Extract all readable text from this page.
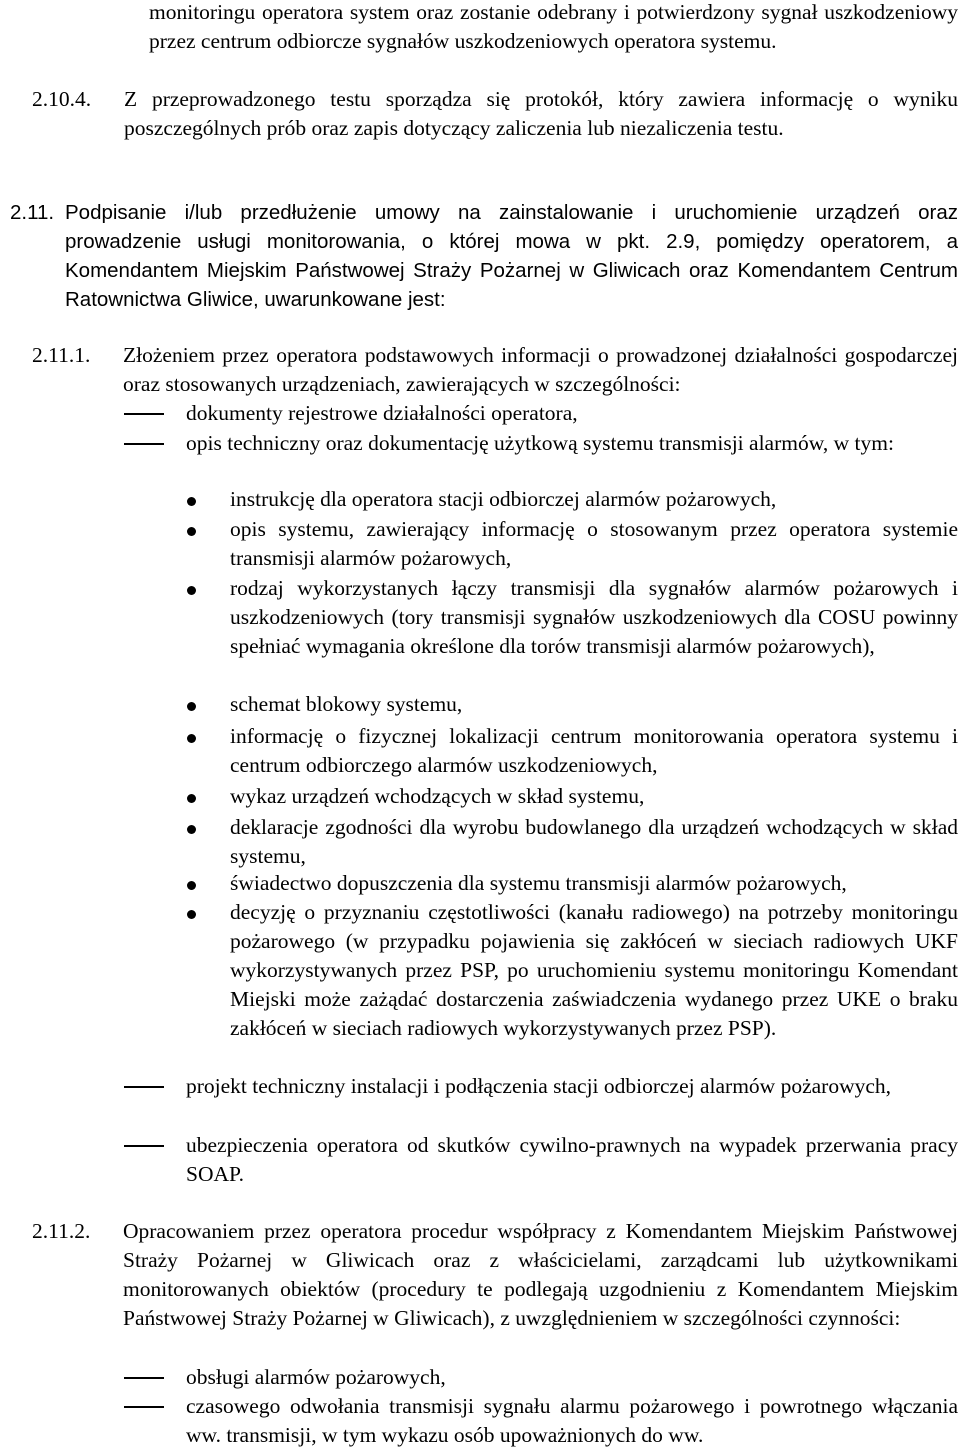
monitoringu operatora system oraz zostanie odebrany i potwierdzony sygnał uszkodzeniowy przez centrum odbiorcze sygnałów uszkodzeniowych operatora systemu.

2.10.4. Z przeprowadzonego testu sporządza się protokół, który zawiera informację o wyniku poszczególnych prób oraz zapis dotyczący zaliczenia lub niezaliczenia testu.

2.11. Podpisanie i/lub przedłużenie umowy na zainstalowanie i uruchomienie urządzeń oraz prowadzenie usługi monitorowania, o której mowa w pkt. 2.9, pomiędzy operatorem, a Komendantem Miejskim Państwowej Straży Pożarnej w Gliwicach oraz Komendantem Centrum Ratownictwa Gliwice, uwarunkowane jest:

2.11.1. Złożeniem przez operatora podstawowych informacji o prowadzonej działalności gospodarczej oraz stosowanych urządzeniach, zawierających w szczególności:

dokumenty rejestrowe działalności operatora,

opis techniczny oraz dokumentację użytkową systemu transmisji alarmów, w tym:

instrukcję dla operatora stacji odbiorczej alarmów pożarowych,

opis systemu, zawierający informację o stosowanym przez operatora systemie transmisji alarmów pożarowych,

rodzaj wykorzystanych łączy transmisji dla sygnałów alarmów pożarowych i uszkodzeniowych (tory transmisji sygnałów uszkodzeniowych dla COSU powinny spełniać wymagania określone dla torów transmisji alarmów pożarowych),

schemat blokowy systemu,

informację o fizycznej lokalizacji centrum monitorowania operatora systemu i centrum odbiorczego alarmów uszkodzeniowych,

wykaz urządzeń wchodzących w skład systemu,

deklaracje zgodności dla wyrobu budowlanego dla urządzeń wchodzących w skład systemu,

świadectwo dopuszczenia dla systemu transmisji alarmów pożarowych,

decyzję o przyznaniu częstotliwości (kanału radiowego) na potrzeby monitoringu pożarowego (w przypadku pojawienia się zakłóceń w sieciach radiowych UKF wykorzystywanych przez PSP, po uruchomieniu systemu monitoringu Komendant Miejski może zażądać dostarczenia zaświadczenia wydanego przez UKE o braku zakłóceń w sieciach radiowych wykorzystywanych przez PSP).

projekt techniczny instalacji i podłączenia stacji odbiorczej alarmów pożarowych,

ubezpieczenia operatora od skutków cywilno-prawnych na wypadek przerwania pracy SOAP.

2.11.2. Opracowaniem przez operatora procedur współpracy z Komendantem Miejskim Państwowej Straży Pożarnej w Gliwicach oraz z właścicielami, zarządcami lub użytkownikami monitorowanych obiektów (procedury te podlegają uzgodnieniu z Komendantem Miejskim Państwowej Straży Pożarnej w Gliwicach), z uwzględnieniem w szczególności czynności:

obsługi alarmów pożarowych,

czasowego odwołania transmisji sygnału alarmu pożarowego i powrotnego włączania ww. transmisji, w tym wykazu osób upoważnionych do ww.
